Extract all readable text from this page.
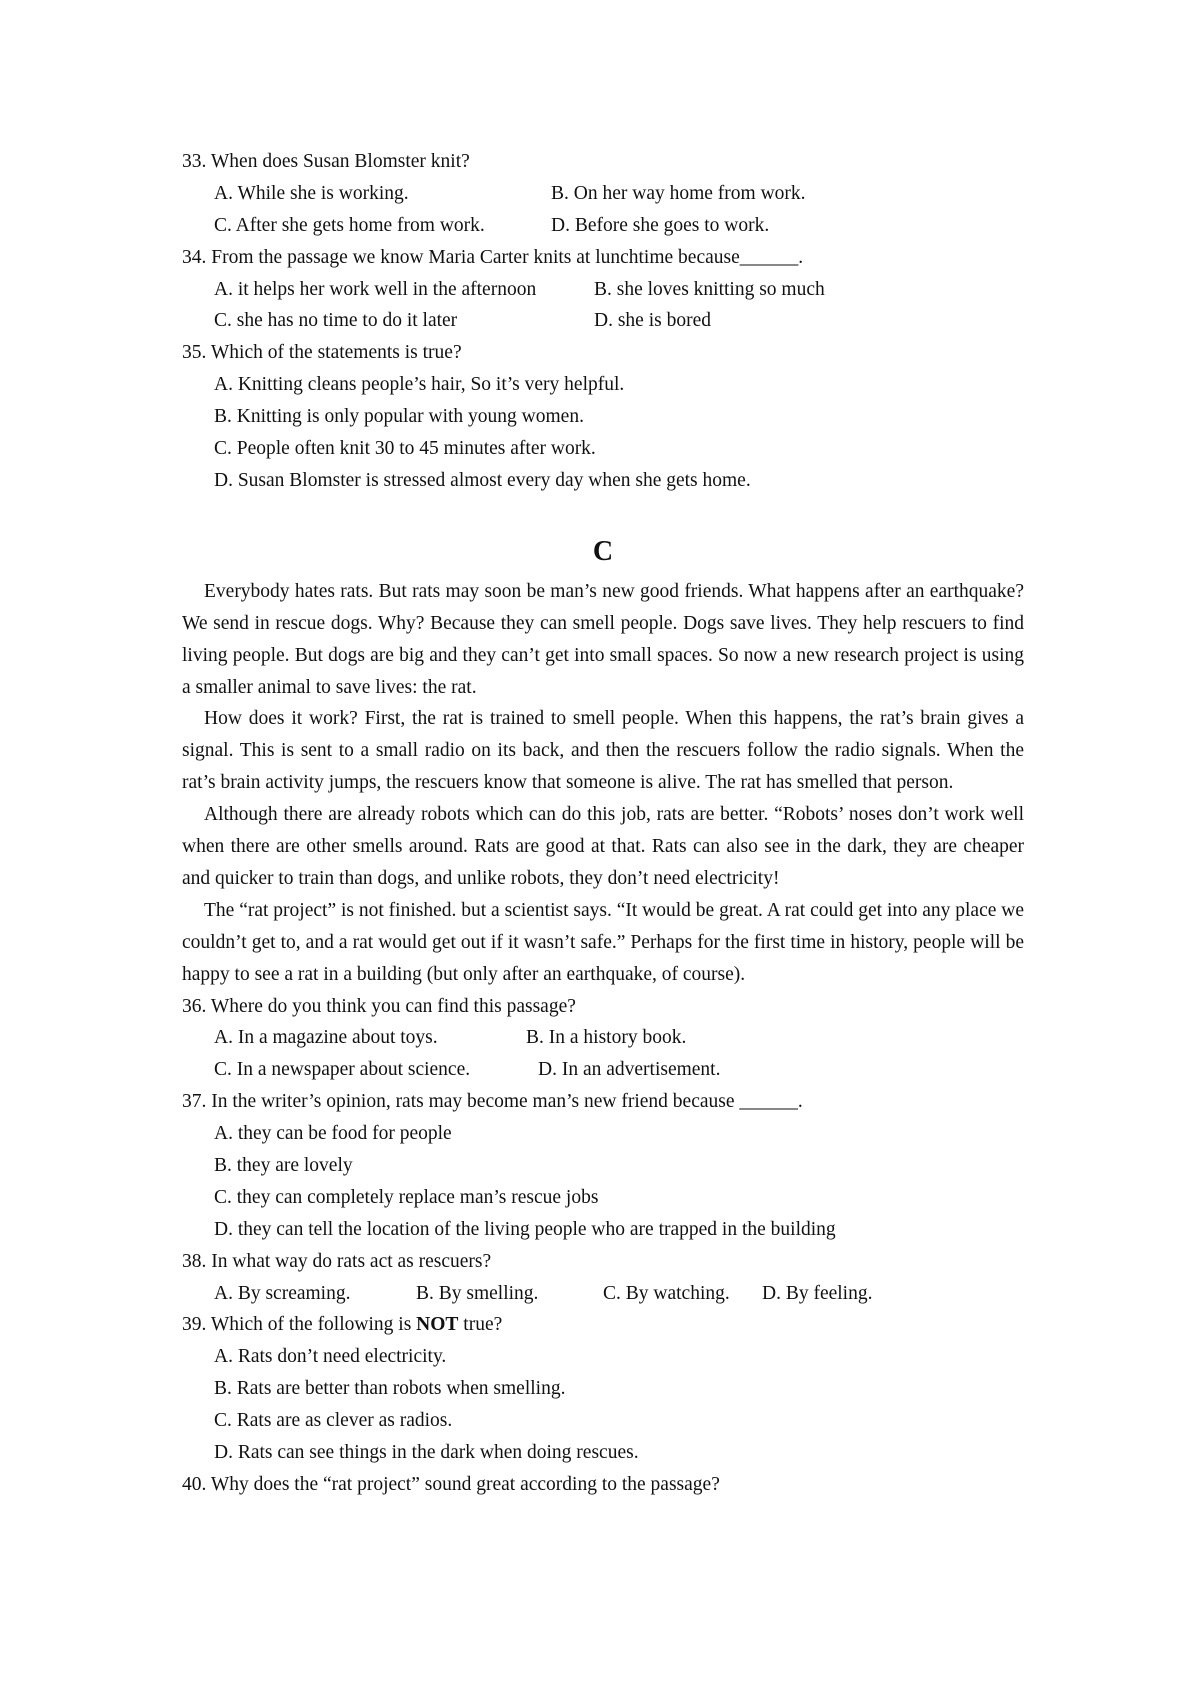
33. When does Susan Blomster knit?
A. While she is working.	B. On her way home from work.
C. After she gets home from work.	D. Before she goes to work.
34. From the passage we know Maria Carter knits at lunchtime because______.
A. it helps her work well in the afternoon	B. she loves knitting so much
C. she has no time to do it later	D. she is bored
35. Which of the statements is true?
A. Knitting cleans people’s hair, So it’s very helpful.
B. Knitting is only popular with young women.
C. People often knit 30 to 45 minutes after work.
D. Susan Blomster is stressed almost every day when she gets home.
C

Everybody hates rats. But rats may soon be man’s new good friends. What happens after an earthquake? We send in rescue dogs. Why? Because they can smell people. Dogs save lives. They help rescuers to find living people. But dogs are big and they can’t get into small spaces. So now a new research project is using a smaller animal to save lives: the rat.

How does it work? First, the rat is trained to smell people. When this happens, the rat’s brain gives a signal. This is sent to a small radio on its back, and then the rescuers follow the radio signals. When the rat’s brain activity jumps, the rescuers know that someone is alive. The rat has smelled that person.

Although there are already robots which can do this job, rats are better. “Robots’ noses don’t work well when there are other smells around. Rats are good at that. Rats can also see in the dark, they are cheaper and quicker to train than dogs, and unlike robots, they don’t need electricity!

The “rat project” is not finished. but a scientist says. “It would be great. A rat could get into any place we couldn’t get to, and a rat would get out if it wasn’t safe.” Perhaps for the first time in history, people will be happy to see a rat in a building (but only after an earthquake, of course).

36. Where do you think you can find this passage?
A. In a magazine about toys.	B. In a history book.
C. In a newspaper about science.	D. In an advertisement.
37. In the writer’s opinion, rats may become man’s new friend because ______.
A. they can be food for people
B. they are lovely
C. they can completely replace man’s rescue jobs
D. they can tell the location of the living people who are trapped in the building
38. In what way do rats act as rescuers?
A. By screaming.	B. By smelling.	C. By watching.	D. By feeling.
39. Which of the following is NOT true?
A. Rats don’t need electricity.
B. Rats are better than robots when smelling.
C. Rats are as clever as radios.
D. Rats can see things in the dark when doing rescues.
40. Why does the “rat project” sound great according to the passage?
